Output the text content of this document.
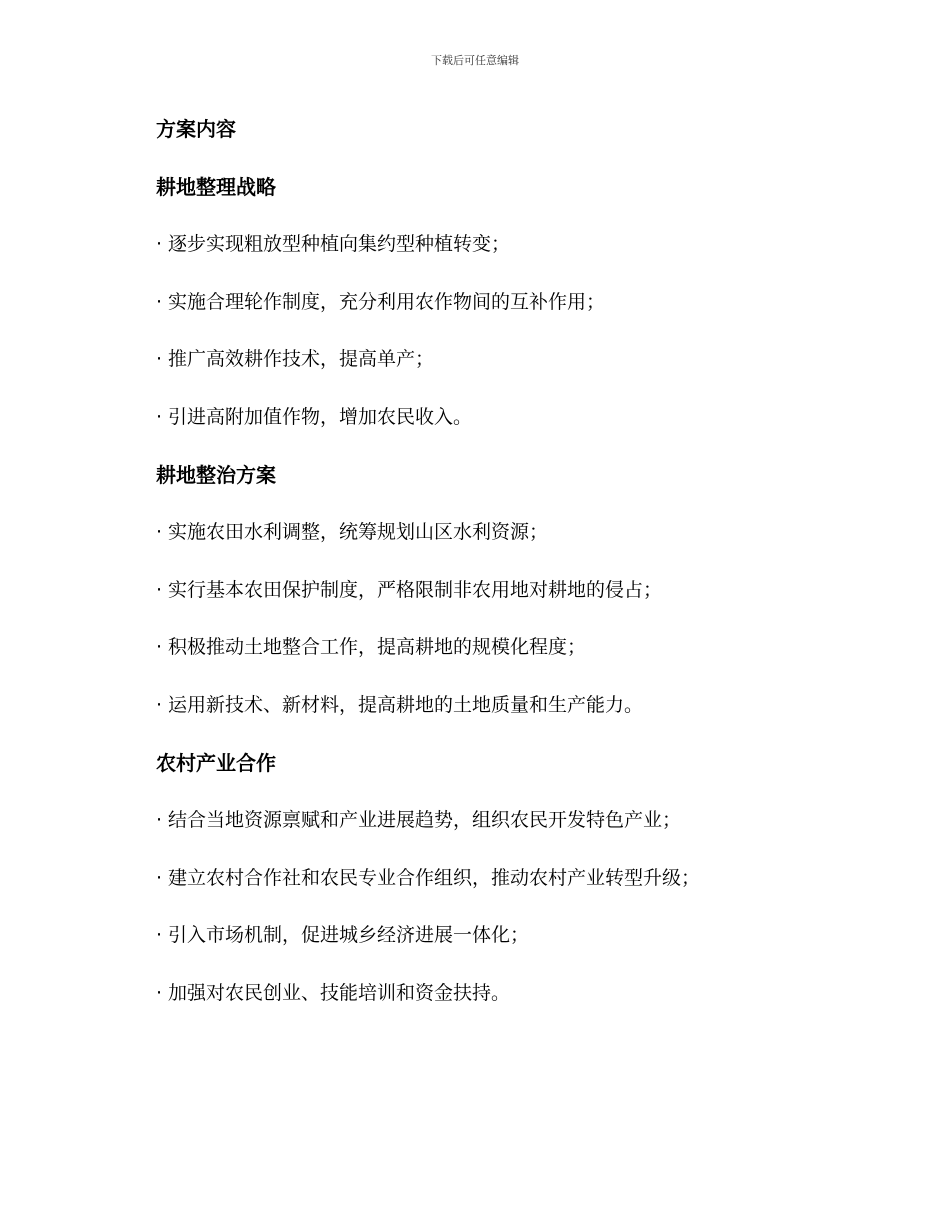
下载后可任意编辑
方案内容
耕地整理战略
· 逐步实现粗放型种植向集约型种植转变；
· 实施合理轮作制度，充分利用农作物间的互补作用；
· 推广高效耕作技术，提高单产；
· 引进高附加值作物，增加农民收入。
耕地整治方案
· 实施农田水利调整，统筹规划山区水利资源；
· 实行基本农田保护制度，严格限制非农用地对耕地的侵占；
· 积极推动土地整合工作，提高耕地的规模化程度；
· 运用新技术、新材料，提高耕地的土地质量和生产能力。
农村产业合作
· 结合当地资源禀赋和产业进展趋势，组织农民开发特色产业；
· 建立农村合作社和农民专业合作组织，推动农村产业转型升级；
· 引入市场机制，促进城乡经济进展一体化；
· 加强对农民创业、技能培训和资金扶持。
